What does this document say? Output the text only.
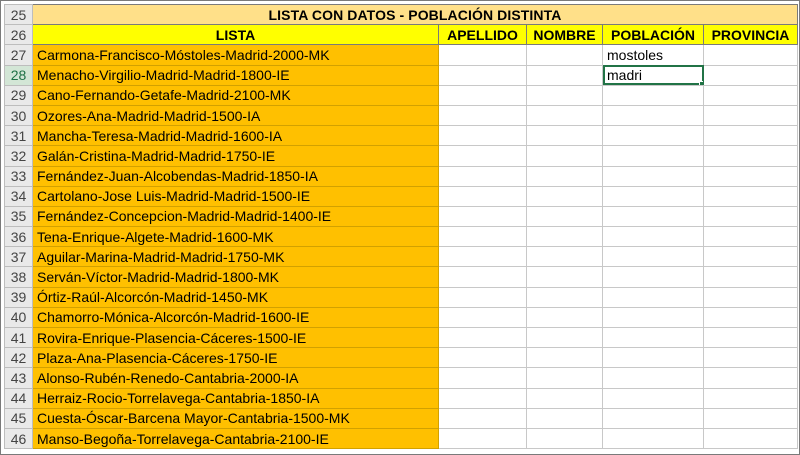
25	LISTA CON DATOS - POBLACIÓN DISTINTA				
26	LISTA	APELLIDO	NOMBRE	POBLACIÓN	PROVINCIA
27	Carmona-Francisco-Móstoles-Madrid-2000-MK			mostoles	
28	Menacho-Virgilio-Madrid-Madrid-1800-IE			madri	
29	Cano-Fernando-Getafe-Madrid-2100-MK				
30	Ozores-Ana-Madrid-Madrid-1500-IA				
31	Mancha-Teresa-Madrid-Madrid-1600-IA				
32	Galán-Cristina-Madrid-Madrid-1750-IE				
33	Fernández-Juan-Alcobendas-Madrid-1850-IA				
34	Cartolano-Jose Luis-Madrid-Madrid-1500-IE				
35	Fernández-Concepcion-Madrid-Madrid-1400-IE				
36	Tena-Enrique-Algete-Madrid-1600-MK				
37	Aguilar-Marina-Madrid-Madrid-1750-MK				
38	Serván-Víctor-Madrid-Madrid-1800-MK				
39	Órtiz-Raúl-Alcorcón-Madrid-1450-MK				
40	Chamorro-Mónica-Alcorcón-Madrid-1600-IE				
41	Rovira-Enrique-Plasencia-Cáceres-1500-IE				
42	Plaza-Ana-Plasencia-Cáceres-1750-IE				
43	Alonso-Rubén-Renedo-Cantabria-2000-IA				
44	Herraiz-Rocio-Torrelavega-Cantabria-1850-IA				
45	Cuesta-Óscar-Barcena Mayor-Cantabria-1500-MK				
46	Manso-Begoña-Torrelavega-Cantabria-2100-IE				
